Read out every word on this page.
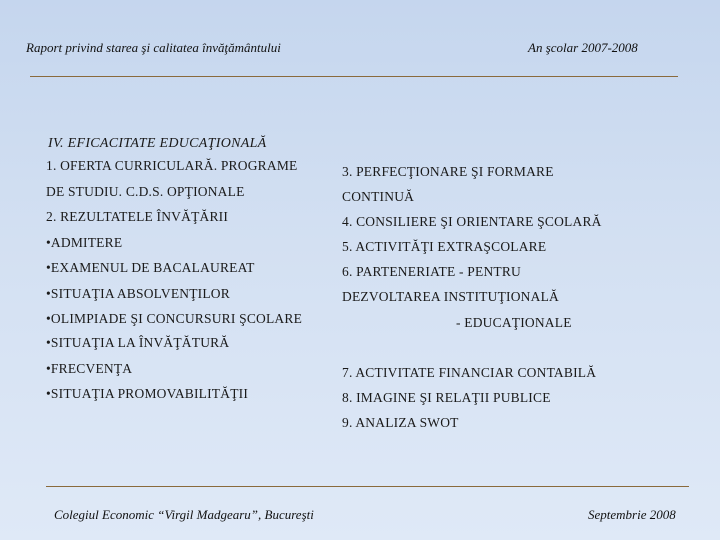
Raport privind starea şi calitatea învăţământului	An şcolar 2007-2008
IV. EFICACITATE EDUCAŢIONALĂ
1. OFERTA CURRICULARĂ. PROGRAME
DE STUDIU. C.D.S. OPŢIONALE
2. REZULTATELE ÎNVĂŢĂRII
•ADMITERE
•EXAMENUL DE BACALAUREAT
•SITUAŢIA ABSOLVENŢILOR
•OLIMPIADE ŞI CONCURSURI ŞCOLARE
•SITUAŢIA LA ÎNVĂŢĂTURĂ
•FRECVENŢA
•SITUAŢIA PROMOVABILITĂŢII
3. PERFECŢIONARE ŞI FORMARE
CONTINUĂ
4. CONSILIERE ŞI ORIENTARE ŞCOLARĂ
5. ACTIVITĂŢI EXTRAŞCOLARE
6. PARTENERIATE - PENTRU
DEZVOLTAREA INSTITUŢIONALĂ
- EDUCAŢIONALE
7. ACTIVITATE FINANCIAR CONTABILĂ
8. IMAGINE ŞI RELAŢII PUBLICE
9. ANALIZA SWOT
Colegiul Economic “Virgil Madgearu”, Bucureşti	Septembrie 2008
